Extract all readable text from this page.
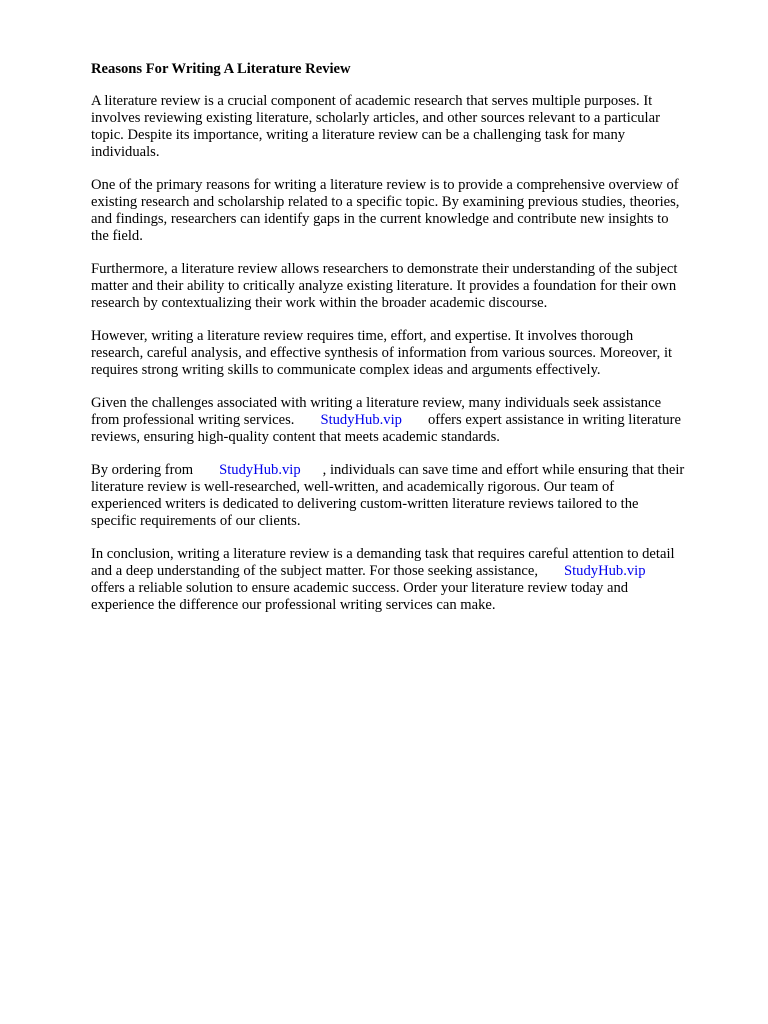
Reasons For Writing A Literature Review
A literature review is a crucial component of academic research that serves multiple purposes. It
involves reviewing existing literature, scholarly articles, and other sources relevant to a particular
topic. Despite its importance, writing a literature review can be a challenging task for many
individuals.
One of the primary reasons for writing a literature review is to provide a comprehensive overview of
existing research and scholarship related to a specific topic. By examining previous studies, theories,
and findings, researchers can identify gaps in the current knowledge and contribute new insights to
the field.
Furthermore, a literature review allows researchers to demonstrate their understanding of the subject
matter and their ability to critically analyze existing literature. It provides a foundation for their own
research by contextualizing their work within the broader academic discourse.
However, writing a literature review requires time, effort, and expertise. It involves thorough
research, careful analysis, and effective synthesis of information from various sources. Moreover, it
requires strong writing skills to communicate complex ideas and arguments effectively.
Given the challenges associated with writing a literature review, many individuals seek assistance
from professional writing services. StudyHub.vip offers expert assistance in writing literature
reviews, ensuring high-quality content that meets academic standards.
By ordering from StudyHub.vip , individuals can save time and effort while ensuring that their
literature review is well-researched, well-written, and academically rigorous. Our team of
experienced writers is dedicated to delivering custom-written literature reviews tailored to the
specific requirements of our clients.
In conclusion, writing a literature review is a demanding task that requires careful attention to detail
and a deep understanding of the subject matter. For those seeking assistance, StudyHub.vip
offers a reliable solution to ensure academic success. Order your literature review today and
experience the difference our professional writing services can make.
